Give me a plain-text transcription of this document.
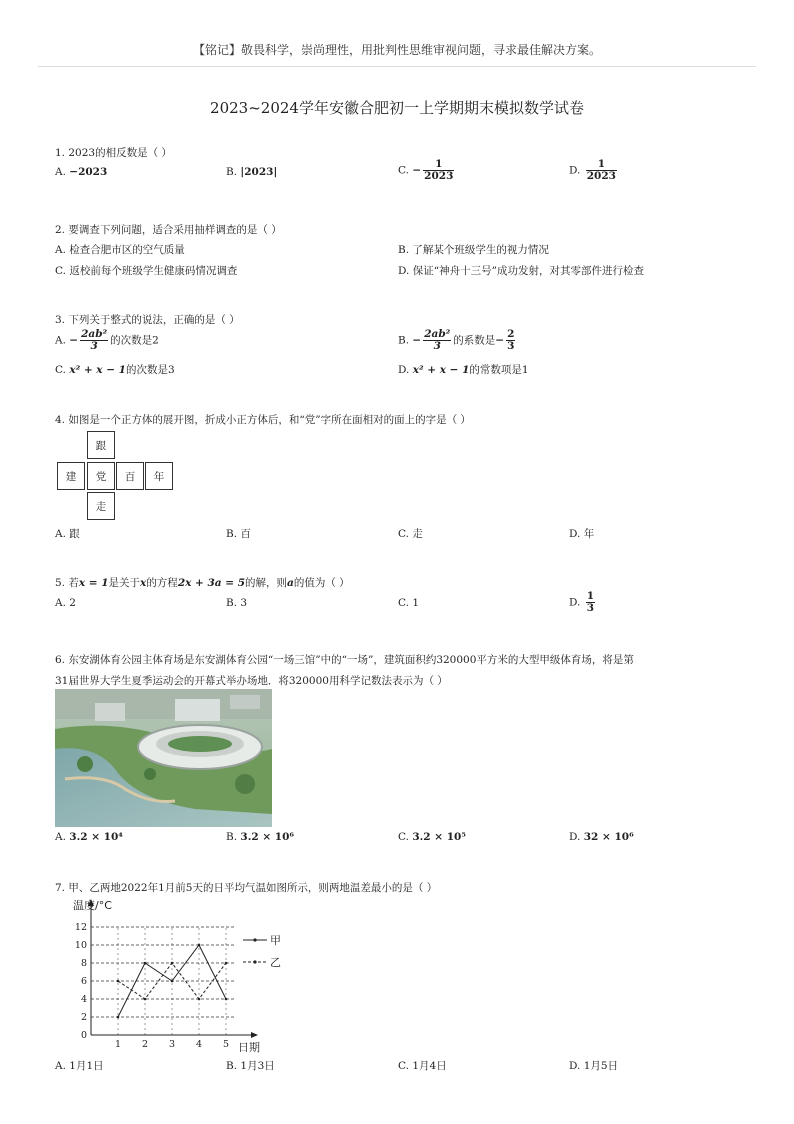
【铭记】敬畏科学，崇尚理性，用批判性思维审视问题，寻求最佳解决方案。
2023~2024学年安徽合肥初一上学期期末模拟数学试卷
1. 2023的相反数是（ ）
A. −2023	B. |2023|	C. − $\frac{1}{2023}$	D. $\frac{1}{2023}$
2. 要调查下列问题，适合采用抽样调查的是（ ）
A. 检查合肥市区的空气质量	B. 了解某个班级学生的视力情况
C. 返校前每个班级学生健康码情况调查	D. 保证“神舟十三号”成功发射，对其零部件进行检查
3. 下列关于整式的说法，正确的是（ ）
A. − $\frac{\text{2ab²}}{3}$ 的次数是2	B. − $\frac{\text{2ab²}}{3}$ 的系数是− $\frac{2}{3}$
C. x² + x − 1的次数是3	D. x² + x − 1的常数项是1
4. 如图是一个正方体的展开图，折成小正方体后，和“党”字所在面相对的面上的字是（ ）
跟
建	党	百	年
走
A. 跟	B. 百	C. 走	D. 年
5. 若x = 1是关于x的方程2x + 3a = 5的解，则a的值为（ ）
A. 2	B. 3	C. 1	D. $\frac{1}{3}$
6. 东安湖体育公园主体育场是东安湖体育公园“一场三馆”中的“一场”，建筑面积约320000平方米的大型甲级体育场，将是第
31届世界大学生夏季运动会的开幕式举办场地．将320000用科学记数法表示为（ ）
A. 3.2 × 10⁴	B. 3.2 × 10⁶	C. 3.2 × 10⁵	D. 32 × 10⁶
7. 甲、乙两地2022年1月前5天的日平均气温如图所示，则两地温差最小的是（ ）
0
2
4
6
8
10
12
1 2 3 4 5
温度/°C
日期
甲
乙
A. 1月1日	B. 1月3日	C. 1月4日	D. 1月5日
